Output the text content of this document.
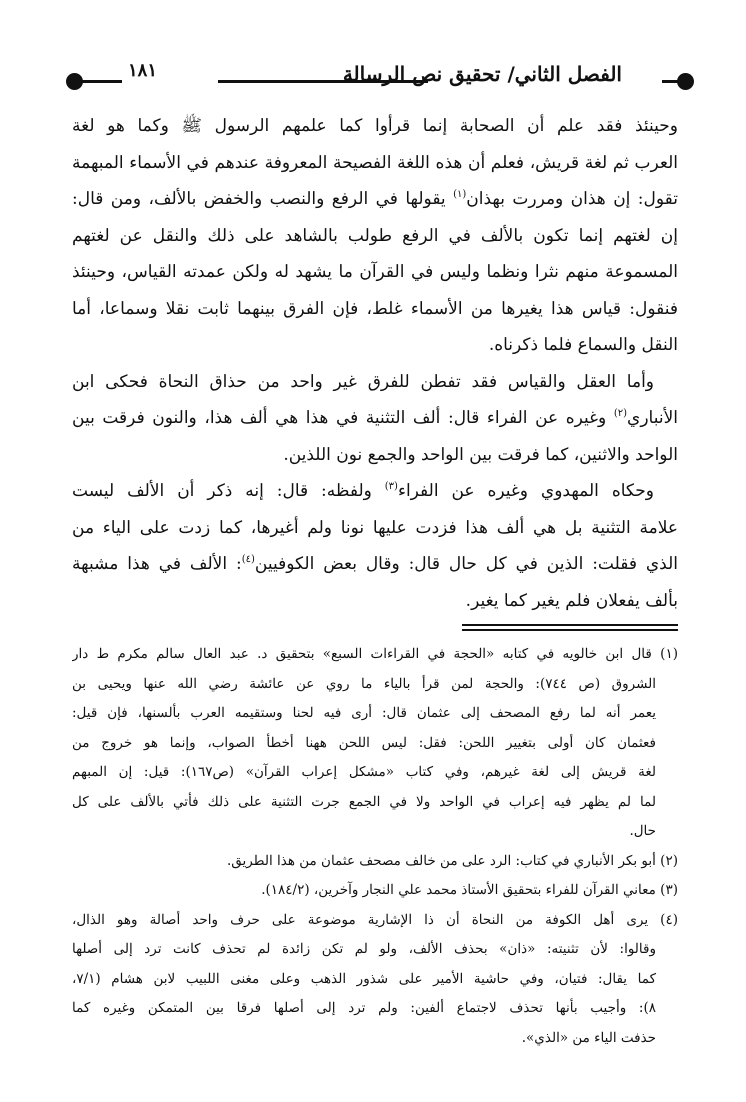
١٨١	الفصل الثاني/ تحقيق نص الرسالة
وحينئذ فقد علم أن الصحابة إنما قرأوا كما علمهم الرسول ﷺ وكما هو لغة
العرب ثم لغة قريش، فعلم أن هذه اللغة الفصيحة المعروفة عندهم في الأسماء المبهمة
تقول: إن هذان ومررت بهذان$^{(١)}$ يقولها في الرفع والنصب والخفض بالألف، ومن قال:
إن لغتهم إنما تكون بالألف في الرفع طولب بالشاهد على ذلك والنقل عن لغتهم
المسموعة منهم نثرا ونظما وليس في القرآن ما يشهد له ولكن عمدته القياس، وحينئذ
فنقول: قياس هذا يغيرها من الأسماء غلط، فإن الفرق بينهما ثابت نقلا وسماعا، أما
النقل والسماع فلما ذكرناه.
وأما العقل والقياس فقد تفطن للفرق غير واحد من حذاق النحاة فحكى ابن
الأنباري$^{(٢)}$ وغيره عن الفراء قال: ألف التثنية في هذا هي ألف هذا، والنون فرقت بين
الواحد والاثنين، كما فرقت بين الواحد والجمع نون اللذين.
وحكاه المهدوي وغيره عن الفراء$^{(٣)}$ ولفظه: قال: إنه ذكر أن الألف ليست
علامة التثنية بل هي ألف هذا فزدت عليها نونا ولم أغيرها، كما زدت على الياء من
الذي فقلت: الذين في كل حال قال: وقال بعض الكوفيين$^{(٤)}$: الألف في هذا مشبهة
بألف يفعلان فلم يغير كما يغير.
(١) قال ابن خالويه في كتابه «الحجة في القراءات السبع» بتحقيق د. عبد العال سالم مكرم ط دار
الشروق (ص ٧٤٤): والحجة لمن قرأ بالياء ما روي عن عائشة رضي الله عنها ويحيى بن
يعمر أنه لما رفع المصحف إلى عثمان قال: أرى فيه لحنا وستقيمه العرب بألسنها، فإن قيل:
فعثمان كان أولى بتغيير اللحن: فقل: ليس اللحن ههنا أخطأ الصواب، وإنما هو خروج من
لغة قريش إلى لغة غيرهم، وفي كتاب «مشكل إعراب القرآن» (ص١٦٧): قيل: إن المبهم
لما لم يظهر فيه إعراب في الواحد ولا في الجمع جرت التثنية على ذلك فأتي بالألف على كل
حال.
(٢) أبو بكر الأنباري في كتاب: الرد على من خالف مصحف عثمان من هذا الطريق.
(٣) معاني القرآن للفراء بتحقيق الأستاذ محمد علي النجار وآخرين، (١٨٤/٢).
(٤) يرى أهل الكوفة من النحاة أن ذا الإشارية موضوعة على حرف واحد أصالة وهو الذال،
وقالوا: لأن تثنيته: «ذان» بحذف الألف، ولو لم تكن زائدة لم تحذف كانت ترد إلى أصلها
كما يقال: فتيان، وفي حاشية الأمير على شذور الذهب وعلى مغنى اللبيب لابن هشام (٧/١،
٨): وأجيب بأنها تحذف لاجتماع ألفين: ولم ترد إلى أصلها فرقا بين المتمكن وغيره كما
حذفت الياء من «الذي».
